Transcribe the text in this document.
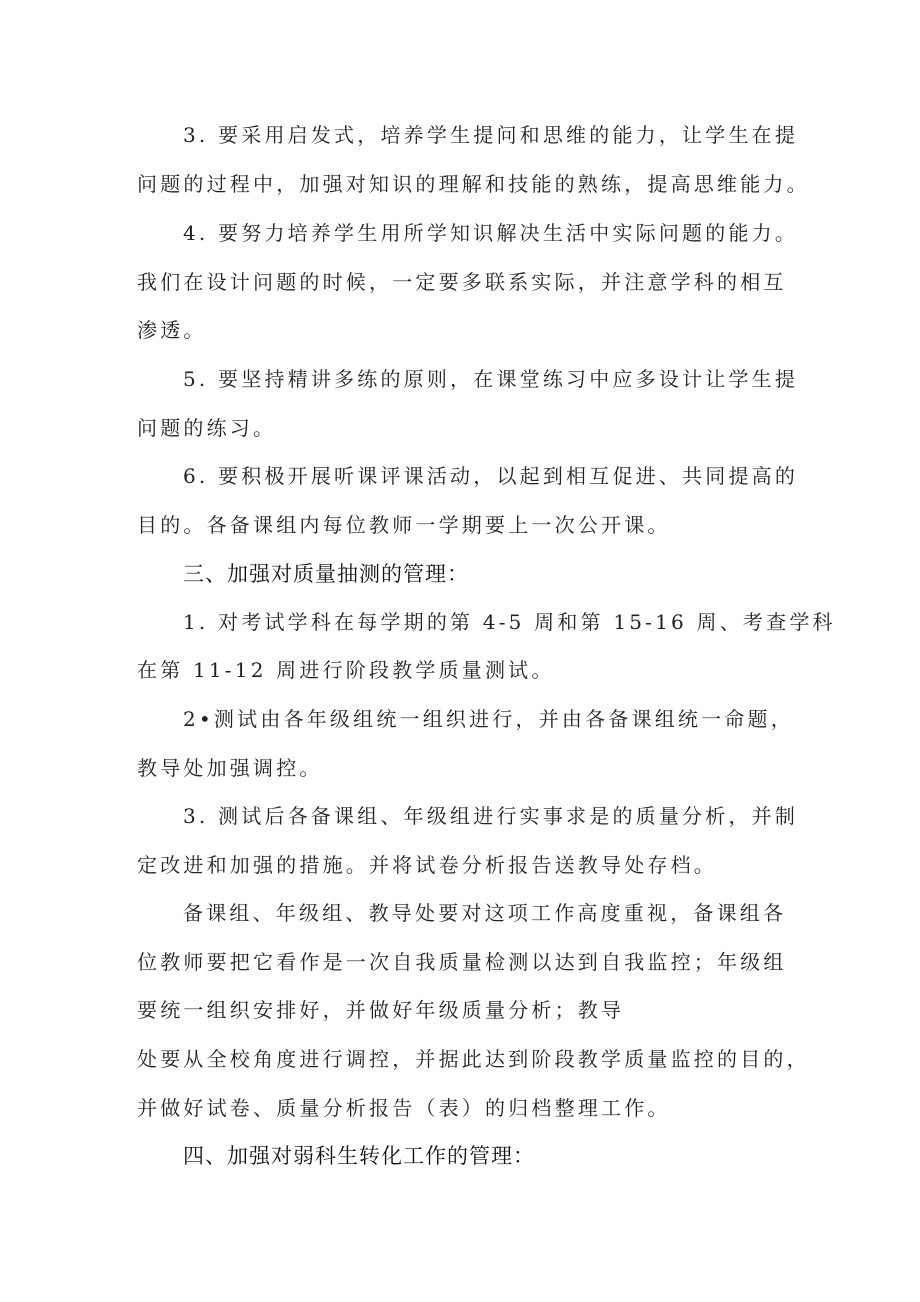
3. 要采用启发式，培养学生提问和思维的能力，让学生在提
问题的过程中，加强对知识的理解和技能的熟练，提高思维能力。
4. 要努力培养学生用所学知识解决生活中实际问题的能力。
我们在设计问题的时候，一定要多联系实际，并注意学科的相互
渗透。
5. 要坚持精讲多练的原则，在课堂练习中应多设计让学生提
问题的练习。
6. 要积极开展听课评课活动，以起到相互促进、共同提高的
目的。各备课组内每位教师一学期要上一次公开课。
三、加强对质量抽测的管理：
1. 对考试学科在每学期的第 4-5 周和第 15-16 周、考查学科
在第 11-12 周进行阶段教学质量测试。
2•测试由各年级组统一组织进行，并由各备课组统一命题，
教导处加强调控。
3. 测试后各备课组、年级组进行实事求是的质量分析，并制
定改进和加强的措施。并将试卷分析报告送教导处存档。
备课组、年级组、教导处要对这项工作高度重视，备课组各
位教师要把它看作是一次自我质量检测以达到自我监控；年级组
要统一组织安排好，并做好年级质量分析；教导
处要从全校角度进行调控，并据此达到阶段教学质量监控的目的，
并做好试卷、质量分析报告（表）的归档整理工作。
四、加强对弱科生转化工作的管理：
